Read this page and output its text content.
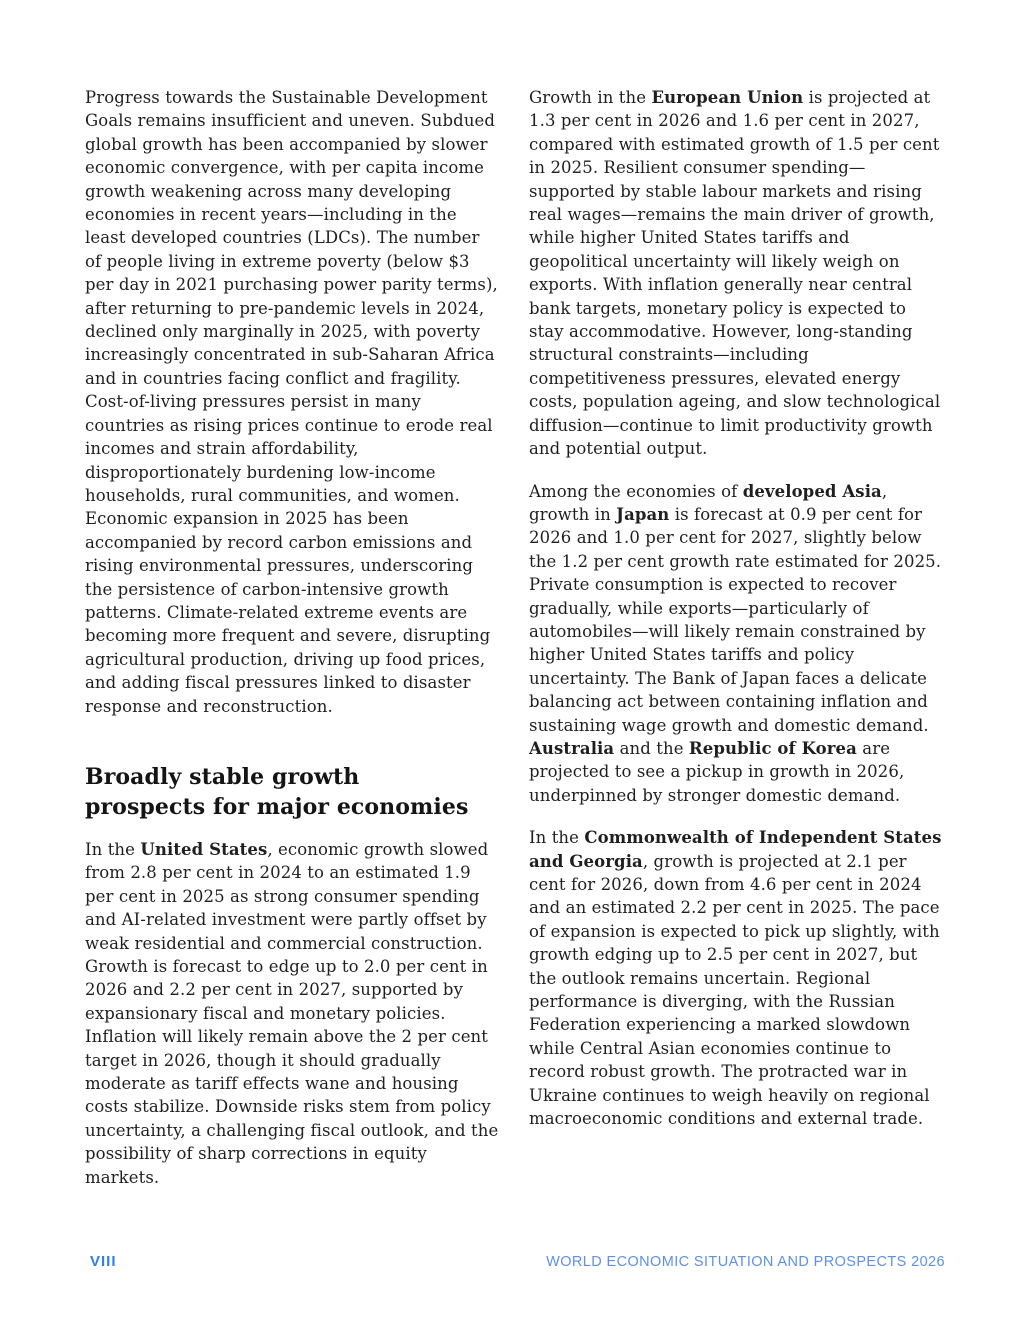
Progress towards the Sustainable Development Goals remains insufficient and uneven. Subdued global growth has been accompanied by slower economic convergence, with per capita income growth weakening across many developing economies in recent years—including in the least developed countries (LDCs). The number of people living in extreme poverty (below $3 per day in 2021 purchasing power parity terms), after returning to pre-pandemic levels in 2024, declined only marginally in 2025, with poverty increasingly concentrated in sub-Saharan Africa and in countries facing conflict and fragility. Cost-of-living pressures persist in many countries as rising prices continue to erode real incomes and strain affordability, disproportionately burdening low-income households, rural communities, and women. Economic expansion in 2025 has been accompanied by record carbon emissions and rising environmental pressures, underscoring the persistence of carbon-intensive growth patterns. Climate-related extreme events are becoming more frequent and severe, disrupting agricultural production, driving up food prices, and adding fiscal pressures linked to disaster response and reconstruction.

Broadly stable growth prospects for major economies

In the United States, economic growth slowed from 2.8 per cent in 2024 to an estimated 1.9 per cent in 2025 as strong consumer spending and AI-related investment were partly offset by weak residential and commercial construction. Growth is forecast to edge up to 2.0 per cent in 2026 and 2.2 per cent in 2027, supported by expansionary fiscal and monetary policies. Inflation will likely remain above the 2 per cent target in 2026, though it should gradually moderate as tariff effects wane and housing costs stabilize. Downside risks stem from policy uncertainty, a challenging fiscal outlook, and the possibility of sharp corrections in equity markets.

Growth in the European Union is projected at 1.3 per cent in 2026 and 1.6 per cent in 2027, compared with estimated growth of 1.5 per cent in 2025. Resilient consumer spending—supported by stable labour markets and rising real wages—remains the main driver of growth, while higher United States tariffs and geopolitical uncertainty will likely weigh on exports. With inflation generally near central bank targets, monetary policy is expected to stay accommodative. However, long-standing structural constraints—including competitiveness pressures, elevated energy costs, population ageing, and slow technological diffusion—continue to limit productivity growth and potential output.

Among the economies of developed Asia, growth in Japan is forecast at 0.9 per cent for 2026 and 1.0 per cent for 2027, slightly below the 1.2 per cent growth rate estimated for 2025. Private consumption is expected to recover gradually, while exports—particularly of automobiles—will likely remain constrained by higher United States tariffs and policy uncertainty. The Bank of Japan faces a delicate balancing act between containing inflation and sustaining wage growth and domestic demand. Australia and the Republic of Korea are projected to see a pickup in growth in 2026, underpinned by stronger domestic demand.

In the Commonwealth of Independent States and Georgia, growth is projected at 2.1 per cent for 2026, down from 4.6 per cent in 2024 and an estimated 2.2 per cent in 2025. The pace of expansion is expected to pick up slightly, with growth edging up to 2.5 per cent in 2027, but the outlook remains uncertain. Regional performance is diverging, with the Russian Federation experiencing a marked slowdown while Central Asian economies continue to record robust growth. The protracted war in Ukraine continues to weigh heavily on regional macroeconomic conditions and external trade.

VIII	WORLD ECONOMIC SITUATION AND PROSPECTS 2026
